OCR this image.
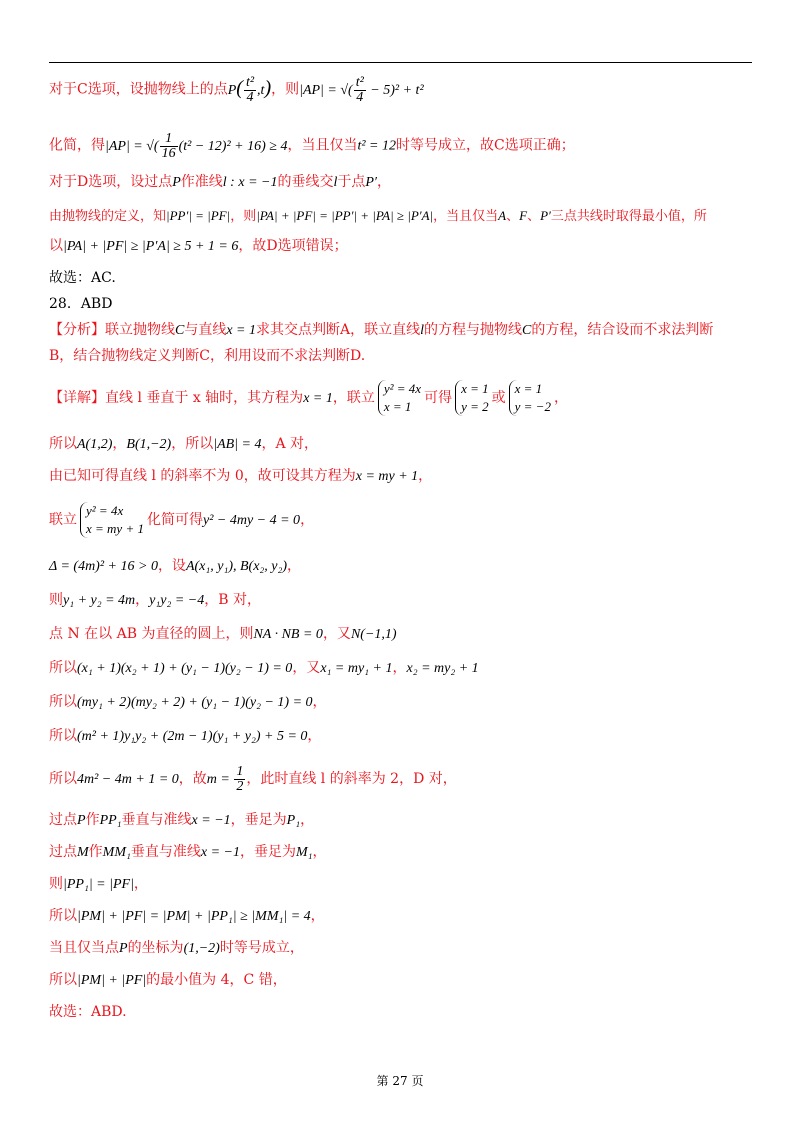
对于C选项，设抛物线上的点$P( \frac{\text{t²}}{4} ,t)$，则|AP| = √( $\frac{\text{t²}}{4} - 5)^2 + t^2$
化简，得|AP| = √( $\frac{1}{16} (t^2 - 12)^2 + 16) \ge 4$，当且仅当t² = 12时等号成立，故C选项正确；
对于D选项，设过点P作准线l : x = −1的垂线交l于点P′，
由抛物线的定义，知|PP′| = |PF|，则|PA| + |PF| = |PP′| + |PA| ≥ |P′A|，当且仅当A、F、P′三点共线时取得最小值，所
以|PA| + |PF| ≥ |P′A| ≥ 5 + 1 = 6，故D选项错误；
故选：AC.
28．ABD
【分析】联立抛物线C与直线x = 1求其交点判断A，联立直线l的方程与抛物线C的方程，结合设而不求法判断
B，结合抛物线定义判断C，利用设而不求法判断D.
【详解】直线 l 垂直于 x 轴时，其方程为x = 1，联立
y² = 4x
x = 1
可得
x = 1
y = 2
或
x = 1
y = −2
，
所以A(1,2)，B(1,−2)，所以|AB| = 4，A 对，
由已知可得直线 l 的斜率不为 0，故可设其方程为x = my + 1，
联立
y² = 4x
x = my + 1
化简可得y² − 4my − 4 = 0，
Δ = (4m)² + 16 > 0，设A(x₁, y₁), B(x₂, y₂)，
则y₁ + y₂ = 4m，y₁y₂ = −4，B 对，
点 N 在以 AB 为直径的圆上，则NA · NB = 0，又N(−1,1)
所以(x₁ + 1)(x₂ + 1) + (y₁ − 1)(y₂ − 1) = 0，又x₁ = my₁ + 1，x₂ = my₂ + 1
所以(my₁ + 2)(my₂ + 2) + (y₁ − 1)(y₂ − 1) = 0，
所以(m² + 1)y₁y₂ + (2m − 1)(y₁ + y₂) + 5 = 0，
所以4m² − 4m + 1 = 0，故$m = \frac{1}{2}$ ，此时直线 l 的斜率为 2，D 对，
过点P作PP₁垂直与准线x = −1，垂足为P₁，
过点M作MM₁垂直与准线x = −1，垂足为M₁，
则|PP₁| = |PF|，
所以|PM| + |PF| = |PM| + |PP₁| ≥ |MM₁| = 4，
当且仅当点P的坐标为(1,−2)时等号成立，
所以|PM| + |PF|的最小值为 4，C 错，
故选：ABD.
第 27 页
